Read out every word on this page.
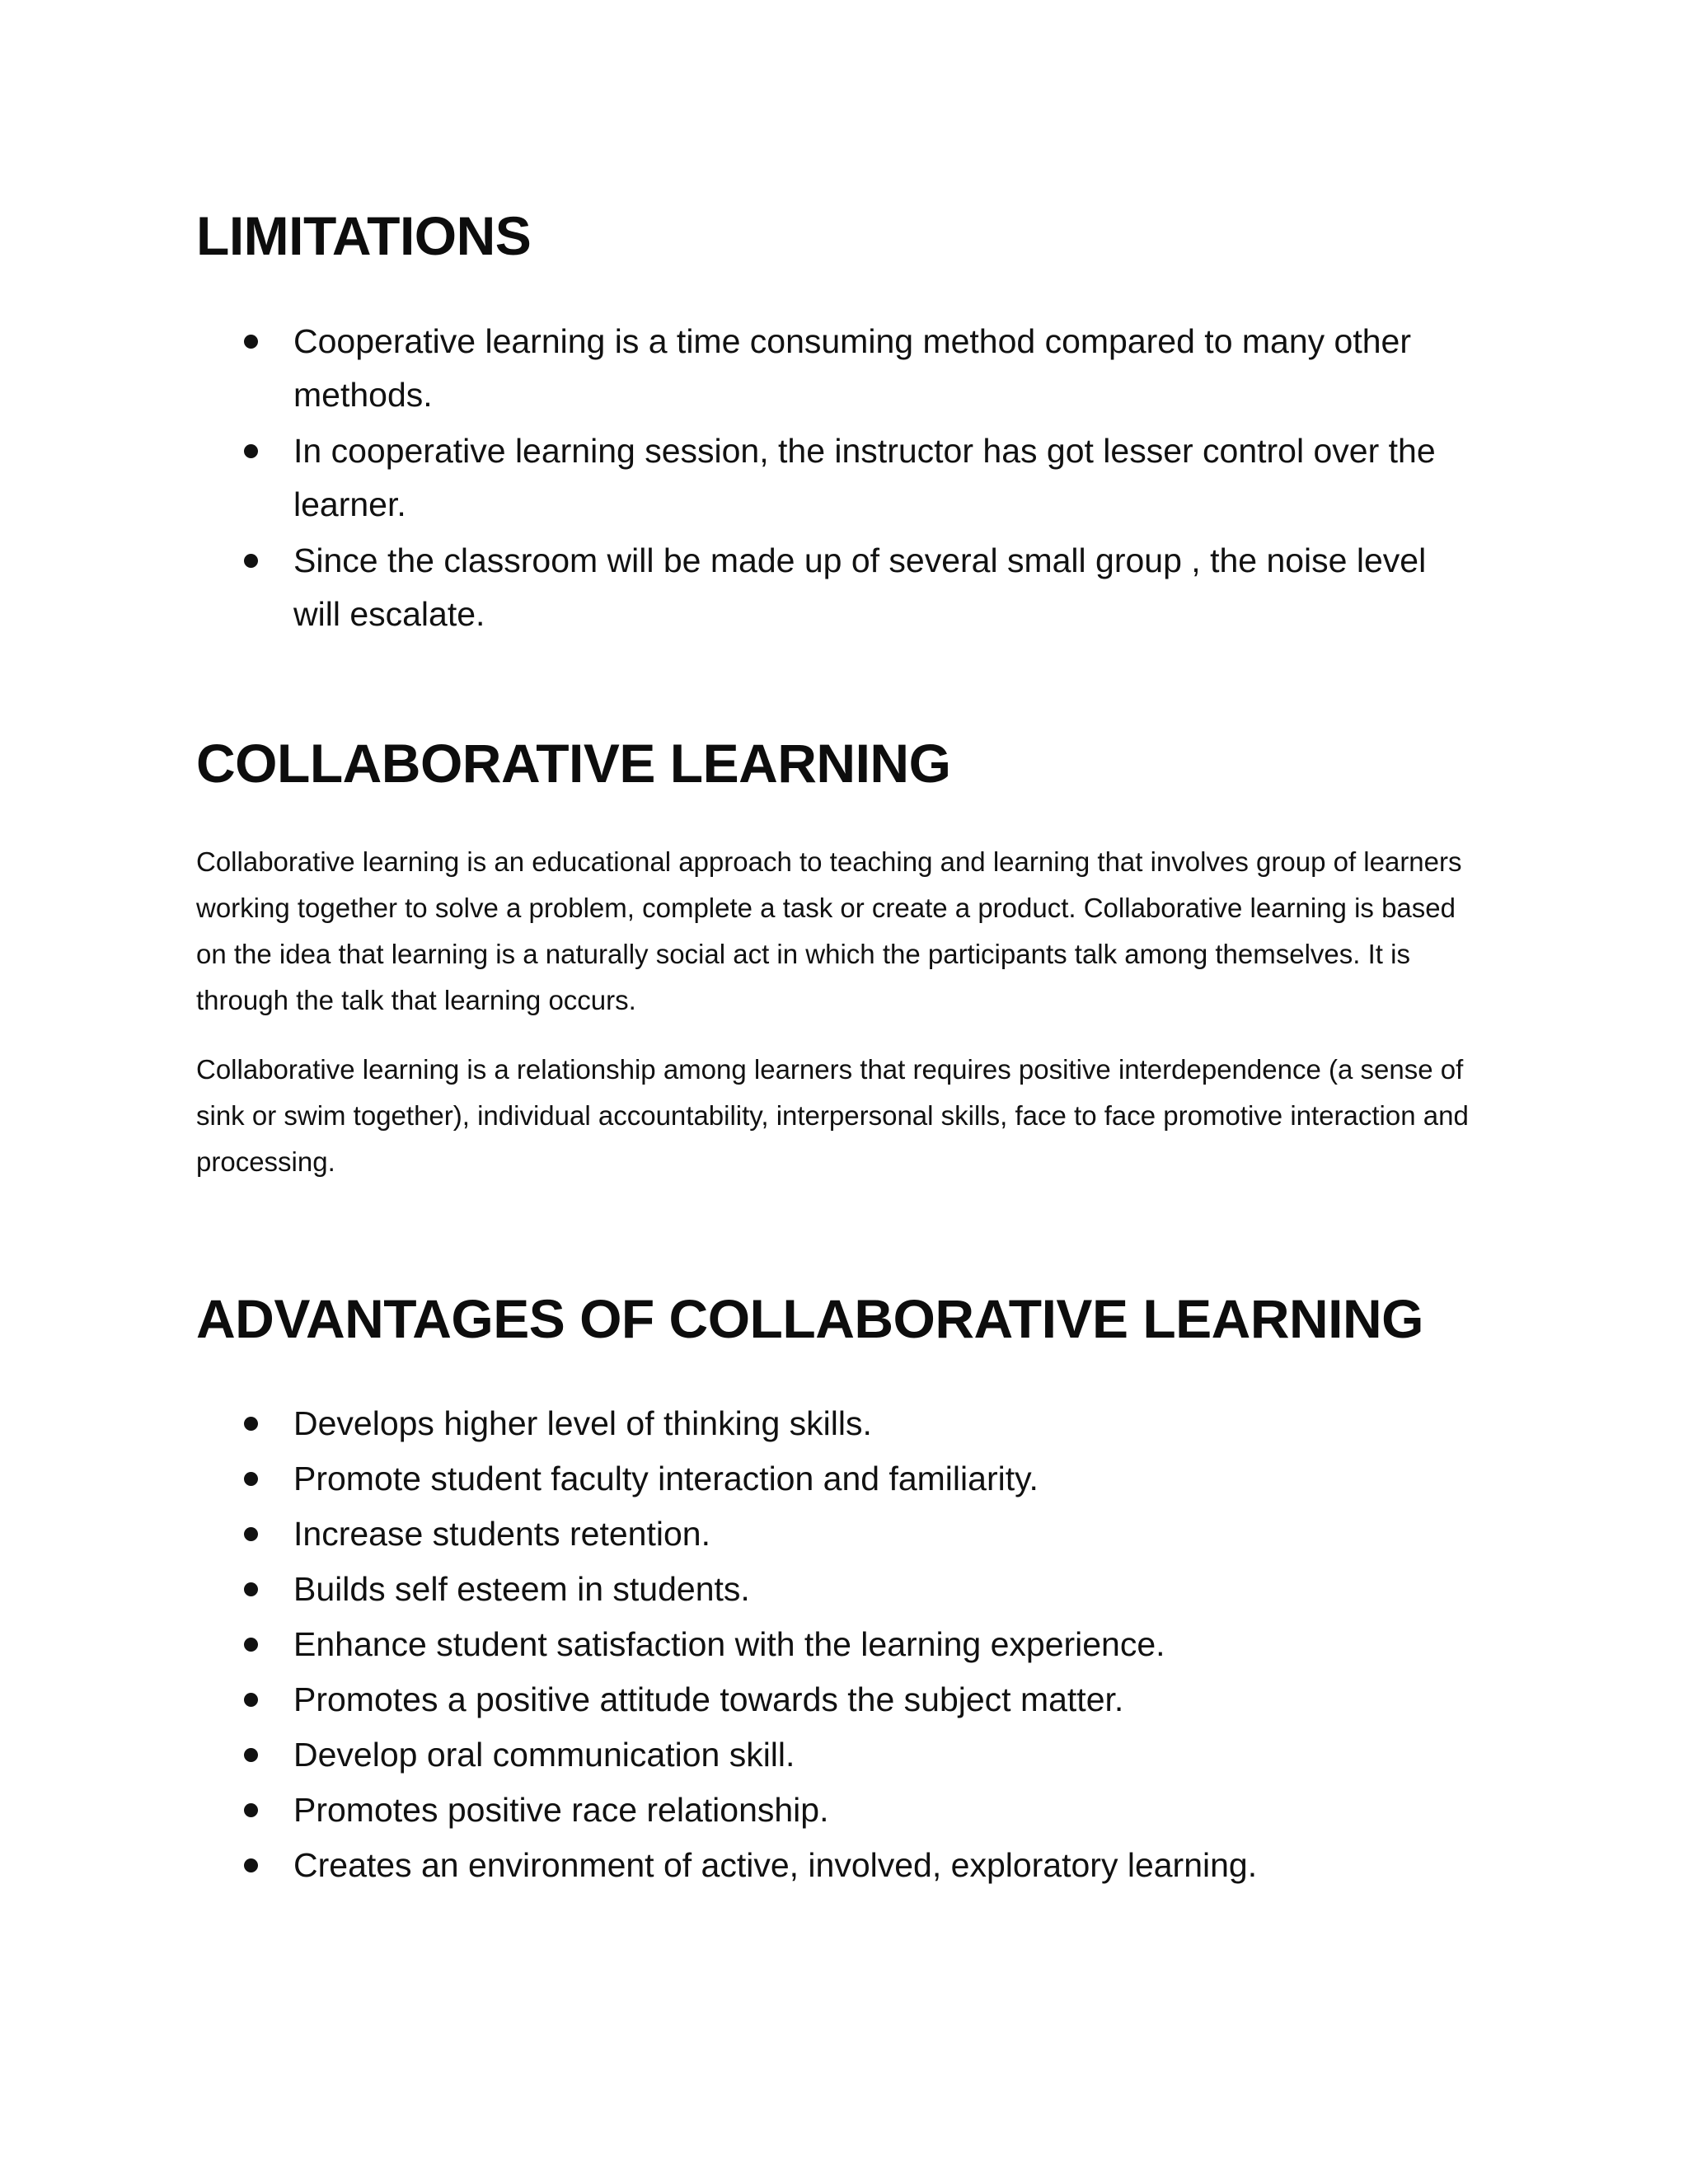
LIMITATIONS
Cooperative learning is a time consuming method compared to many other methods.
In cooperative learning session, the instructor has got lesser control over the learner.
Since the classroom will be made up of several small group , the noise level will escalate.
COLLABORATIVE LEARNING

Collaborative learning is an educational approach to teaching and learning that involves group of learners working together to solve a problem, complete a task or create a product. Collaborative learning is based on the idea that learning is a naturally social act in which the participants talk among themselves. It is through the talk that learning occurs.

Collaborative learning is a relationship among learners that requires positive interdependence (a sense of sink or swim together), individual accountability, interpersonal skills, face to face promotive interaction and processing.

ADVANTAGES OF COLLABORATIVE LEARNING
Develops higher level of thinking skills.
Promote student faculty interaction and familiarity.
Increase students retention.
Builds self esteem in students.
Enhance student satisfaction with the learning experience.
Promotes a positive attitude towards the subject matter.
Develop oral communication skill.
Promotes positive race relationship.
Creates an environment of active, involved, exploratory learning.
